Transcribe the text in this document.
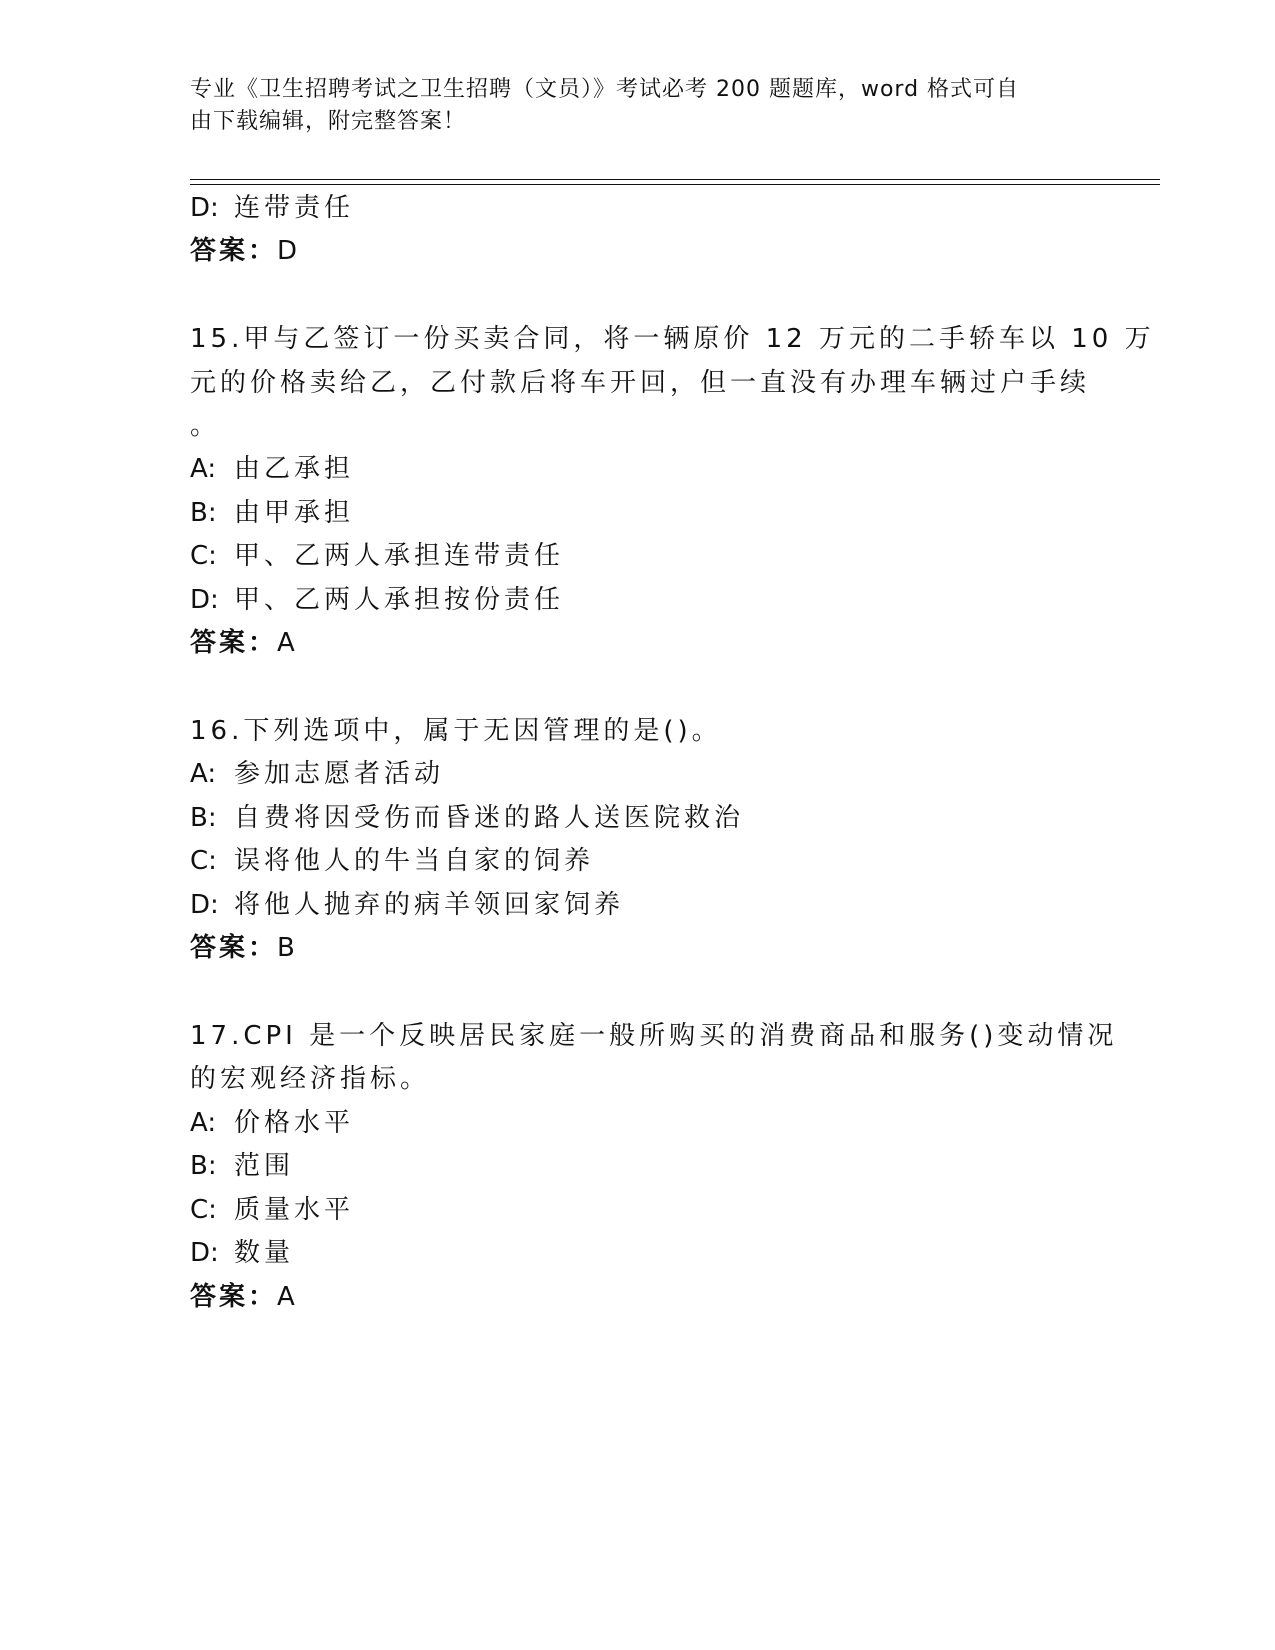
专业《卫生招聘考试之卫生招聘（文员）》考试必考 200 题题库，word 格式可自
由下载编辑，附完整答案！
D: 连带责任
答案：D
15.甲与乙签订一份买卖合同，将一辆原价 12 万元的二手轿车以 10 万
元的价格卖给乙，乙付款后将车开回，但一直没有办理车辆过户手续
。
A: 由乙承担
B: 由甲承担
C: 甲、乙两人承担连带责任
D: 甲、乙两人承担按份责任
答案：A
16.下列选项中，属于无因管理的是()。
A: 参加志愿者活动
B: 自费将因受伤而昏迷的路人送医院救治
C: 误将他人的牛当自家的饲养
D: 将他人抛弃的病羊领回家饲养
答案：B
17.CPI 是一个反映居民家庭一般所购买的消费商品和服务()变动情况
的宏观经济指标。
A: 价格水平
B: 范围
C: 质量水平
D: 数量
答案：A
